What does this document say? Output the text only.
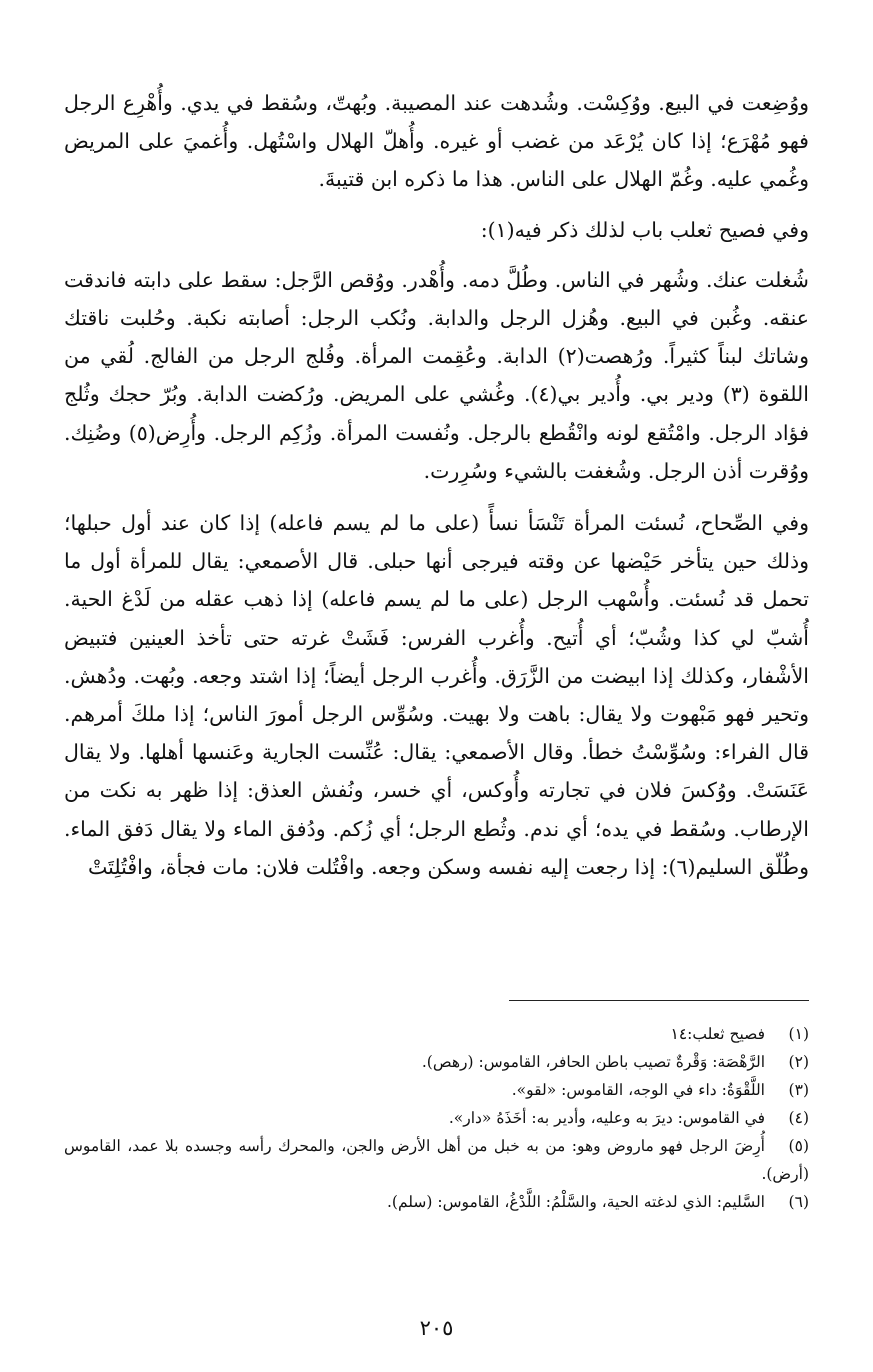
ووُضِعت في البيع. ووُكِسْت. وشُدهت عند المصيبة. وبُهتّ، وسُقط في يدي. وأُهْرِع الرجل فهو مُهْرَع؛ إذا كان يُرْعَد من غضب أو غيره. وأُهلّ الهلال واسْتُهل. وأُغميَ على المريض وغُمي عليه. وغُمّ الهلال على الناس. هذا ما ذكره ابن قتيبةَ.

وفي فصيح ثعلب باب لذلك ذكر فيه(١):

شُغلت عنك. وشُهر في الناس. وطُلَّ دمه. وأُهْدر. ووُقص الرَّجل: سقط على دابته فاندقت عنقه. وغُبن في البيع. وهُزل الرجل والدابة. ونُكب الرجل: أصابته نكبة. وحُلبت ناقتك وشاتك لبناً كثيراً. ورُهصت(٢) الدابة. وعُقِمت المرأة. وفُلج الرجل من الفالج. لُقي من اللقوة (٣) ودير بي. وأُدير بي(٤). وغُشي على المريض. ورُكضت الدابة. وبُرّ حجك وثُلج فؤاد الرجل. وامْتُقع لونه وانْقُطع بالرجل. ونُفست المرأة. وزُكِم الرجل. وأُرِض(٥) وضُنِك. ووُقرت أذن الرجل. وشُغفت بالشيء وسُرِرت.

وفي الصِّحاح، نُسئت المرأة تَنْسَأ نسأً (على ما لم يسم فاعله) إذا كان عند أول حبلها؛ وذلك حين يتأخر حَيْضها عن وقته فيرجى أنها حبلى. قال الأصمعي: يقال للمرأة أول ما تحمل قد نُسئت. وأُسْهب الرجل (على ما لم يسم فاعله) إذا ذهب عقله من لَدْغ الحية. أُشبّ لي كذا وشُبّ؛ أي أُتيح. وأُغرب الفرس: فَشَتْ غرته حتى تأخذ العينين فتبيض الأشْفار، وكذلك إذا ابيضت من الزَّرَق. وأُغرب الرجل أيضاً؛ إذا اشتد وجعه. وبُهت. ودُهش. وتحير فهو مَبْهوت ولا يقال: باهت ولا بهيت. وسُوِّس الرجل أمورَ الناس؛ إذا ملكَ أمرهم. قال الفراء: وسُوِّسْتُ خطأ. وقال الأصمعي: يقال: عُنِّست الجارية وعَنسها أهلها. ولا يقال عَنَسَتْ. ووُكسَ فلان في تجارته وأُوكس، أي خسر، ونُفش العذق: إذا ظهر به نكت من الإرطاب. وسُقط في يده؛ أي ندم. وثُطع الرجل؛ أي زُكم. ودُفق الماء ولا يقال دَفق الماء. وطُلّق السليم(٦): إذا رجعت إليه نفسه وسكن وجعه. وافْتُلت فلان: مات فجأة، وافْتُلِتَتْ

(١)فصيح ثعلب:١٤

(٢)الرَّهْصَة: وَقْرةٌ تصيب باطن الحافر، القاموس: (رهص).

(٣)اللَّقْوَةُ: داء في الوجه، القاموس: «لقو».

(٤)في القاموس: ديرَ به وعليه، وأدير به: أخَذَهُ «دار».

(٥)أُرِضَ الرجل فهو ماروض وهو: من به خبل من أهل الأرض والجن، والمحرك رأسه وجسده بلا عمد، القاموس (أرض).

(٦)السَّليم: الذي لدغته الحية، والسَّلْمُ: اللَّدْغُ، القاموس: (سلم).

٢٠٥
